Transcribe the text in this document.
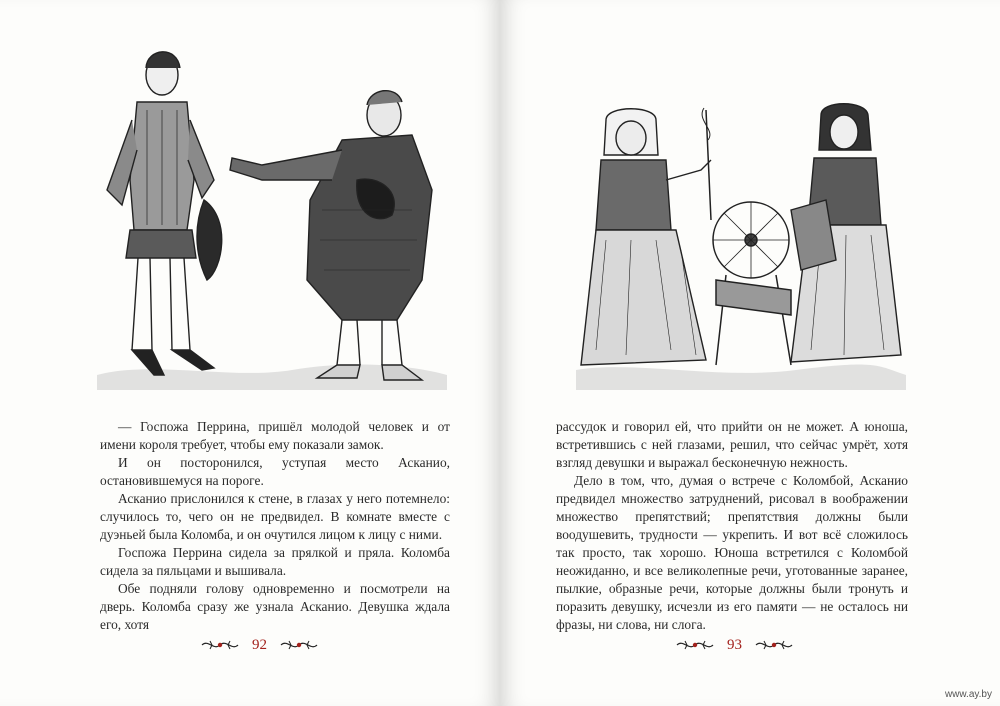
— Госпожа Перрина, пришёл молодой человек и от имени короля требует, чтобы ему показали замок.

И он посторонился, уступая место Асканио, остановившемуся на пороге.

Асканио прислонился к стене, в глазах у него потемнело: случилось то, чего он не предвидел. В комнате вместе с дуэньей была Коломба, и он очутился лицом к лицу с ними.

Госпожа Перрина сидела за прялкой и пряла. Коломба сидела за пяльцами и вышивала.

Обе подняли голову одновременно и посмотрели на дверь. Коломба сразу же узнала Асканио. Девушка ждала его, хотя

92

рассудок и говорил ей, что прийти он не может. А юноша, встретившись с ней глазами, решил, что сейчас умрёт, хотя взгляд девушки и выражал бесконечную нежность.

Дело в том, что, думая о встрече с Коломбой, Асканио предвидел множество затруднений, рисовал в воображении множество препятствий; препятствия должны были воодушевить, трудности — укрепить. И вот всё сложилось так просто, так хорошо. Юноша встретился с Коломбой неожиданно, и все великолепные речи, уготованные заранее, пылкие, образные речи, которые должны были тронуть и поразить девушку, исчезли из его памяти — не осталось ни фразы, ни слова, ни слога.

93
www.ay.by
